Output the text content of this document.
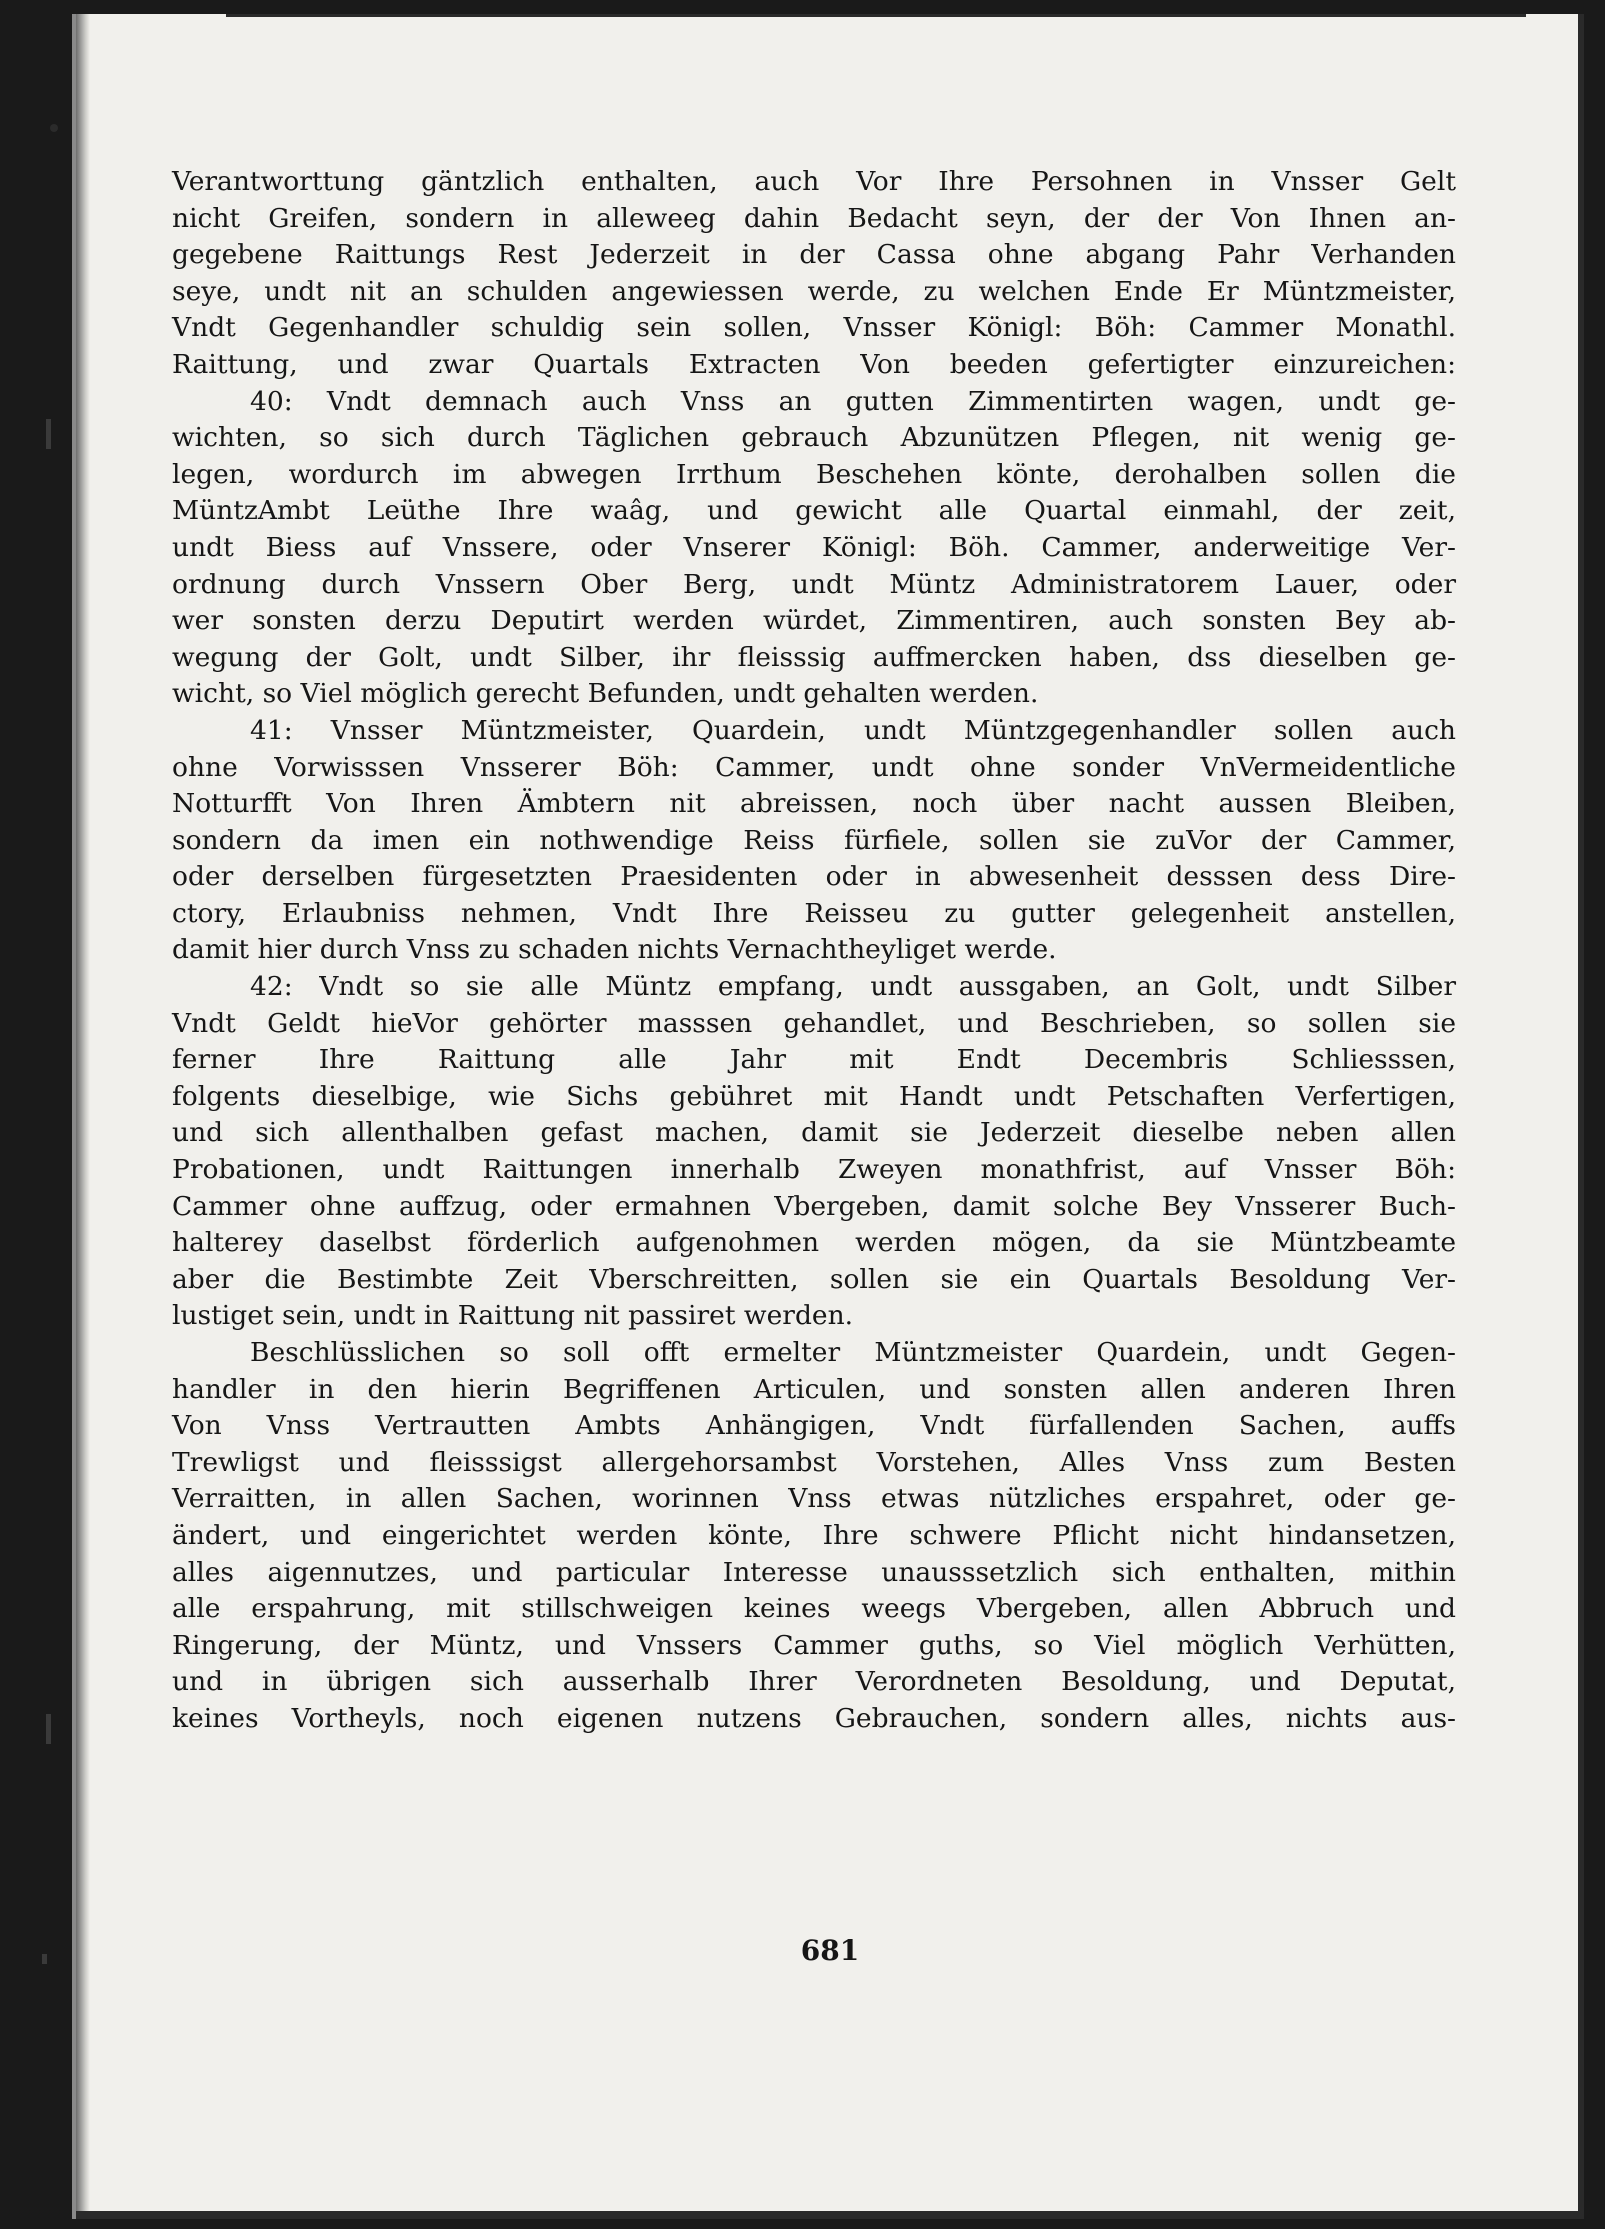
Verantworttung gäntzlich enthalten, auch Vor Ihre Persohnen in Vnsser Gelt
nicht Greifen, sondern in alleweeg dahin Bedacht seyn, der der Von Ihnen an-
gegebene Raittungs Rest Jederzeit in der Cassa ohne abgang Pahr Verhanden
seye, undt nit an schulden angewiessen werde, zu welchen Ende Er Müntzmeister,
Vndt Gegenhandler schuldig sein sollen, Vnsser Königl: Böh: Cammer Monathl.
Raittung, und zwar Quartals Extracten Von beeden gefertigter einzureichen:
40: Vndt demnach auch Vnss an gutten Zimmentirten wagen, undt ge-
wichten, so sich durch Täglichen gebrauch Abzunützen Pflegen, nit wenig ge-
legen, wordurch im abwegen Irrthum Beschehen könte, derohalben sollen die
MüntzAmbt Leüthe Ihre waâg, und gewicht alle Quartal einmahl, der zeit,
undt Biess auf Vnssere, oder Vnserer Königl: Böh. Cammer, anderweitige Ver-
ordnung durch Vnssern Ober Berg, undt Müntz Administratorem Lauer, oder
wer sonsten derzu Deputirt werden würdet, Zimmentiren, auch sonsten Bey ab-
wegung der Golt, undt Silber, ihr fleisssig auffmercken haben, dss dieselben ge-
wicht, so Viel möglich gerecht Befunden, undt gehalten werden.
41: Vnsser Müntzmeister, Quardein, undt Müntzgegenhandler sollen auch
ohne Vorwisssen Vnsserer Böh: Cammer, undt ohne sonder VnVermeidentliche
Notturfft Von Ihren Ämbtern nit abreissen, noch über nacht aussen Bleiben,
sondern da imen ein nothwendige Reiss fürfiele, sollen sie zuVor der Cammer,
oder derselben fürgesetzten Praesidenten oder in abwesenheit desssen dess Dire-
ctory, Erlaubniss nehmen, Vndt Ihre Reisseu zu gutter gelegenheit anstellen,
damit hier durch Vnss zu schaden nichts Vernachtheyliget werde.
42: Vndt so sie alle Müntz empfang, undt aussgaben, an Golt, undt Silber
Vndt Geldt hieVor gehörter masssen gehandlet, und Beschrieben, so sollen sie
ferner Ihre Raittung alle Jahr mit Endt Decembris Schliesssen,
folgents dieselbige, wie Sichs gebühret mit Handt undt Petschaften Verfertigen,
und sich allenthalben gefast machen, damit sie Jederzeit dieselbe neben allen
Probationen, undt Raittungen innerhalb Zweyen monathfrist, auf Vnsser Böh:
Cammer ohne auffzug, oder ermahnen Vbergeben, damit solche Bey Vnsserer Buch-
halterey daselbst förderlich aufgenohmen werden mögen, da sie Müntzbeamte
aber die Bestimbte Zeit Vberschreitten, sollen sie ein Quartals Besoldung Ver-
lustiget sein, undt in Raittung nit passiret werden.
Beschlüsslichen so soll offt ermelter Müntzmeister Quardein, undt Gegen-
handler in den hierin Begriffenen Articulen, und sonsten allen anderen Ihren
Von Vnss Vertrautten Ambts Anhängigen, Vndt fürfallenden Sachen, auffs
Trewligst und fleisssigst allergehorsambst Vorstehen, Alles Vnss zum Besten
Verraitten, in allen Sachen, worinnen Vnss etwas nützliches erspahret, oder ge-
ändert, und eingerichtet werden könte, Ihre schwere Pflicht nicht hindansetzen,
alles aigennutzes, und particular Interesse unausssetzlich sich enthalten, mithin
alle erspahrung, mit stillschweigen keines weegs Vbergeben, allen Abbruch und
Ringerung, der Müntz, und Vnssers Cammer guths, so Viel möglich Verhütten,
und in übrigen sich ausserhalb Ihrer Verordneten Besoldung, und Deputat,
keines Vortheyls, noch eigenen nutzens Gebrauchen, sondern alles, nichts aus-
681
